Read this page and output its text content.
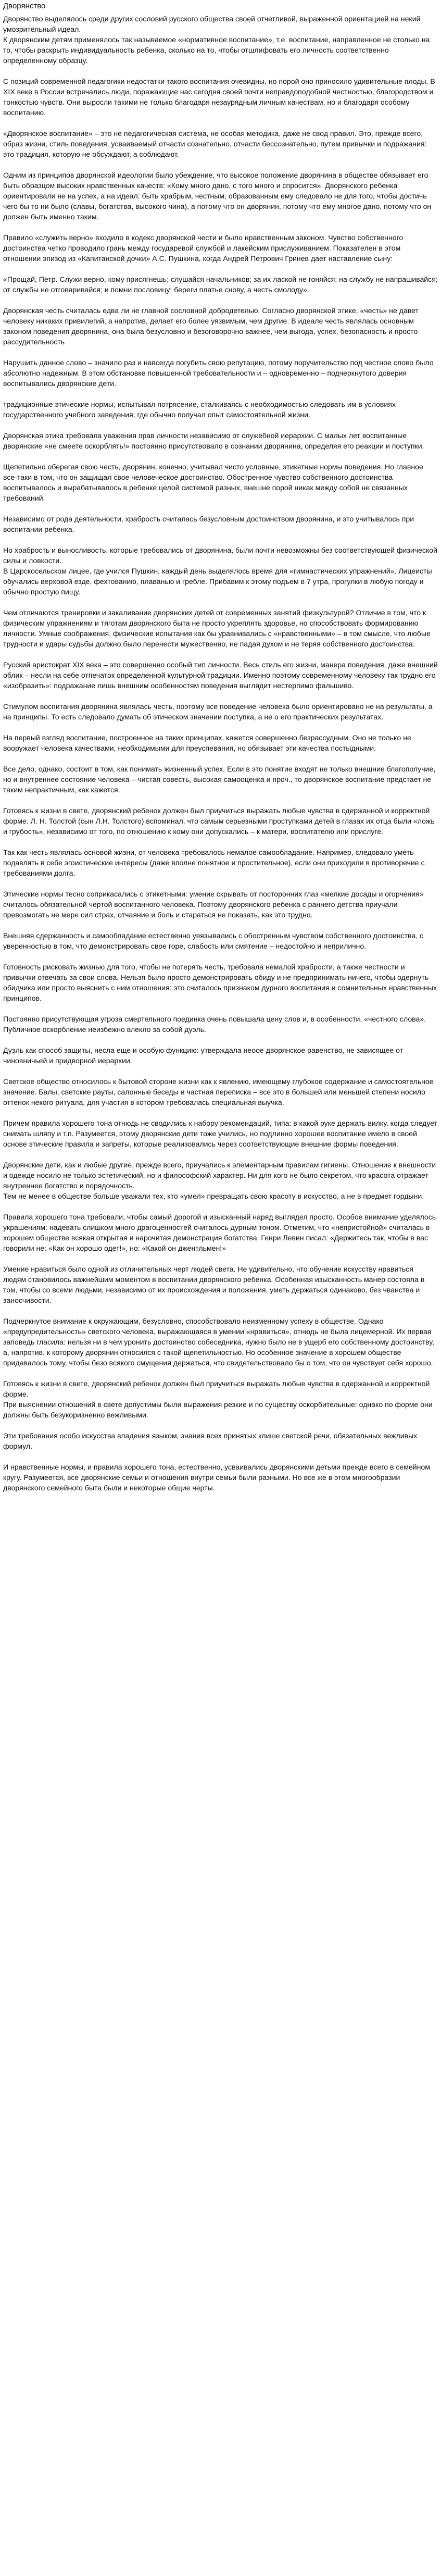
Дворянство

Дворянство выделялось среди других сословий русского общества своей отчетливой, выраженной ориентацией на некий умозрительный идеал.
К дворянским детям применялось так называемое «нормативное воспитание», т.е. воспитание, направленное не столько на то, чтобы раскрыть индивидуальность ребенка, сколько на то, чтобы отшлифовать его личность соответственно определенному образцу.

С позиций современной педагогики недостатки такого воспитания очевидны, но порой оно приносило удивительные плоды. В XIX веке в России встречались люди, поражающие нас сегодня своей почти неправдоподобной честностью, благородством и тонкостью чувств. Они выросли такими не только благодаря незаурядным личным качествам, но и благодаря особому воспитанию.

«Дворянское воспитание» – это не педагогическая система, не особая методика, даже не свод правил. Это, прежде всего, образ жизни, стиль поведения, усваиваемый отчасти сознательно, отчасти бессознательно, путем привычки и подражания: это традиция, которую не обсуждают, а соблюдают.

Одним из принципов дворянской идеологии было убеждение, что высокое положение дворянина в обществе обязывает его быть образцом высоких нравственных качеств: «Кому много дано, с того много и спросится». Дворянского ребенка ориентировали не на успех, а на идеал: быть храбрым, честным, образованным ему следовало не для того, чтобы достичь чего бы то ни было (славы, богатства, высокого чина), а потому что он дворянин, потому что ему многое дано, потому что он должен быть именно таким.

Правило «служить верно» входило в кодекс дворянской чести и было нравственным законом. Чувство собственного достоинства четко проводило грань между государевой службой и лакейским прислуживанием. Показателен в этом отношении эпизод из «Капитанской дочки» А.С. Пушкина, когда Андрей Петрович Гринев дает наставление сыну:

«Прощай, Петр. Служи верно, кому присягнешь; слушайся начальников; за их лаской не гоняйся; на службу не напрашивайся; от службы не отговаривайся; и помни пословицу: береги платье снову, а честь смолоду».

Дворянская честь считалась едва ли не главной сословной добродетелью. Согласно дворянской этике, «честь» не давет человеку никаких привилегий, а напротив, делает его более уязвимым, чем другие. В идеале честь являлась основным законом поведения дворянина, она была безусловно и безоговорочно важнее, чем выгода, успех, безопасность и просто рассудительность

Нарушить данное слово – значило раз и навсегда погубить свою репутацию, потому поручительство под честное слово было абсолютно надежным. В этом обстановке повышенной требовательности и – одновременно – подчеркнутого доверия воспитывались дворянские дети.

традиционные этические нормы, испытывал потрясение, сталкиваясь с необходимостью следовать им в условиях государственного учебного заведения, где обычно получал опыт самостоятельной жизни.

Дворянская этика требовала уважения прав личности независимо от служебной иерархии. С малых лет воспитанные дворянские «не смеете оскорблять!» постоянно присутствовало в сознании дворянина, определяя его реакции и поступки.

Щепетильно оберегая свою честь, дворянин, конечно, учитывал чисто условные, этикетные нормы поведения. Но главное все-таки в том, что он защищал свое человеческое достоинство. Обостренное чувство собственного достоинства воспитывалось и вырабатывалось в ребенке целой системой разных, внешне порой никак между собой не связанных требований.

Независимо от рода деятельности, храбрость считалась безусловным достоинством дворянина, и это учитывалось при воспитании ребенка.

Но храбрость и выносливость, которые требовались от дворянина, были почти невозможны без соответствующей физической силы и ловкости.
В Царскосельском лицее, где учился Пушкин, каждый день выделялось время для «гимнастических упражнений». Лицеисты обучались верховой езде, фехтованию, плаванью и гребле. Прибавим к этому подъем в 7 утра, прогулки в любую погоду и обычно простую пищу.

Чем отличаются тренировки и закаливание дворянских детей от современных занятий физкультурой? Отличие в том, что к физическим упражнениям и тяготам дворянского быта не просто укреплять здоровье, но способствовать формированию личности. Умные соображения, физические испытания как бы уравнивались с «нравственными» – в том смысле, что любые трудности и удары судьбы должно было перенести мужественно, не падая духом и не теряя собственного достоинства.

Русский аристократ XIX века – это совершенно особый тип личности. Весь стиль его жизни, манера поведения, даже внешний облик – несли на себе отпечаток определенной культурной традиции. Именно поэтому современному человеку так трудно его «изобразить»: подражание лишь внешним особенностям поведения выглядит нестерпимо фальшиво.

Стимулом воспитания дворянина являлась честь, поэтому все поведение человека было ориентировано не на результаты, а на принципы. То есть следовало думать об этическом значении поступка, а не о его практических результатах.

На первый взгляд воспитание, построенное на таких принципах, кажется совершенно безрассудным. Оно не только не вооружает человека качествами, необходимыми для преуспевания, но обязывает эти качества постыдными.

Все дело, однако, состоит в том, как понимать жизненный успех. Если в это понятие входят не только внешние благополучие, но и внутреннее состояние человека – чистая совесть, высокая самооценка и проч., то дворянское воспитание предстает не таким непрактичным, как кажется.

Готовясь к жизни в свете, дворянский ребенок должен был приучиться выражать любые чувства в сдержанной и корректной форме. Л. Н. Толстой (сын Л.Н. Толстого) вспоминал, что самым серьезными проступками детей в глазах их отца были «ложь и грубость», независимо от того, по отношению к кому они допускались – к матери, воспитателю или прислуге.

Так как честь являлась основой жизни, от человека требовалось немалое самообладание. Например, следовало уметь подавлять в себе эгоистические интересы (даже вполне понятное и простительное), если они приходили в противоречие с требованиями долга.

Этические нормы тесно соприкасались с этикетными: умение скрывать от посторонних глаз «мелкие досады и огорчения» считалось обязательной чертой воспитанного человека. Поэтому дворянского ребенка с раннего детства приучали превозмогать не мере сил страх, отчаяние и боль и стараться не показать, как это трудно.

Внешняя сдержанность и самообладание естественно увязывались с обостренным чувством собственного достоинства, с уверенностью в том, что демонстрировать свое горе, слабость или смятение – недостойно и неприлично.

Готовность рисковать жизнью для того, чтобы не потерять честь, требовала немалой храбрости, а также честности и привычки отвечать за свои слова. Нельзя было просто демонстрировать обиду и не предпринимать ничего, чтобы одернуть обидчика или просто выяснить с ним отношения: это считалось признаком дурного воспитания и сомнительных нравственных принципов.

Постоянно присутствующая угроза смертельного поединка очень повышала цену слов и, в особенности, «честного слова». Публичное оскорбление неизбежно влекло за собой дуэль.

Дуэль как способ защиты, несла еще и особую функцию: утверждала неоое дворянское равенство, не зависящее от чиновничьей и придворной иерархии.

Светское общество относилось к бытовой стороне жизни как к явлению, имеющему глубокое содержание и самостоятельное значение. Балы, светские рауты, салонные беседы и частная переписка – все это в большей или меньшей степени носило оттенок некого ритуала, для участия в котором требовалась специальная выучка.

Причем правила хорошего тона отнюдь не сводились к набору рекомендаций, типа: в какой руке держать вилку, когда следует снимать шляпу и т.п. Разумеется, этому дворянские дети тоже учились, но подлинно хорошее воспитание имело в своей основе этические правила и запреты, которые реализовались через соответствующие внешние формы поведения.

Дворянские дети, как и любые другие, прежде всего, приучались к элементарным правилам гигиены. Отношение к внешности и одежде носило не только эстетический, но и философский характер. Ни для кого не было секретом, что красота отражает внутреннее богатство и порядочность.
Тем не менее в обществе больше уважали тех, кто «умел» превращать свою красоту в искусство, а не в предмет гордыни.

Правила хорошего тона требовали, чтобы самый дорогой и изысканный наряд выглядел просто. Особое внимание уделялось украшениям: надевать слишком много драгоценностей считалось дурным тоном. Отметим, что «непристойной» считалась в хорошем обществе всякая открытая и нарочитая демонстрация богатства. Генри Левин писал: «Держитесь так, чтобы в вас говорили не: «Как он хорошо одет!», но: «Какой он джентльмен!»

Умение нравиться было одной из отличительных черт людей света. Не удивительно, что обучение искусству нравиться людям становилось важнейшим моментом в воспитании дворянского ребенка. Особенная изысканность манер состояла в том, чтобы со всеми людьми, независимо от их происхождения и положения, уметь держаться одинаково, без чванства и заносчивости.

Подчеркнутое внимание к окружающим, безусловно, способствовало неизменному успеху в обществе. Однако «предупредительность» светского человека, выражающаяся в умении «нравиться», отнюдь не была лицемерной. Их первая заповедь гласила: нельзя ни в чем уронить достоинство собеседника, нужно было не в ущерб его собственному достоинству, а, напротив, к которому дворянин относился с такой щепетильностью. Но особенное значение в хорошем обществе придавалось тому, чтобы безо всякого смущения держаться, что свидетельствовало бы о том, что он чувствует себя хорошо.

Готовясь к жизни в свете, дворянский ребенок должен был приучиться выражать любые чувства в сдержанной и корректной форме.
При выяснении отношений в свете допустимы были выражения резкие и по существу оскорбительные: однако по форме они должны быть безукоризненно вежливыми.

Эти требования особо искусства владения языком, знания всех принятых клише светской речи, обязательных вежливых формул.

И нравственные нормы, и правила хорошего тона, естественно, усваивались дворянскими детьми прежде всего в семейном кругу. Разумеется, все дворянские семьи и отношения внутри семьи были разными. Но все же в этом многообразии дворянского семейного быта были и некоторые общие черты.
